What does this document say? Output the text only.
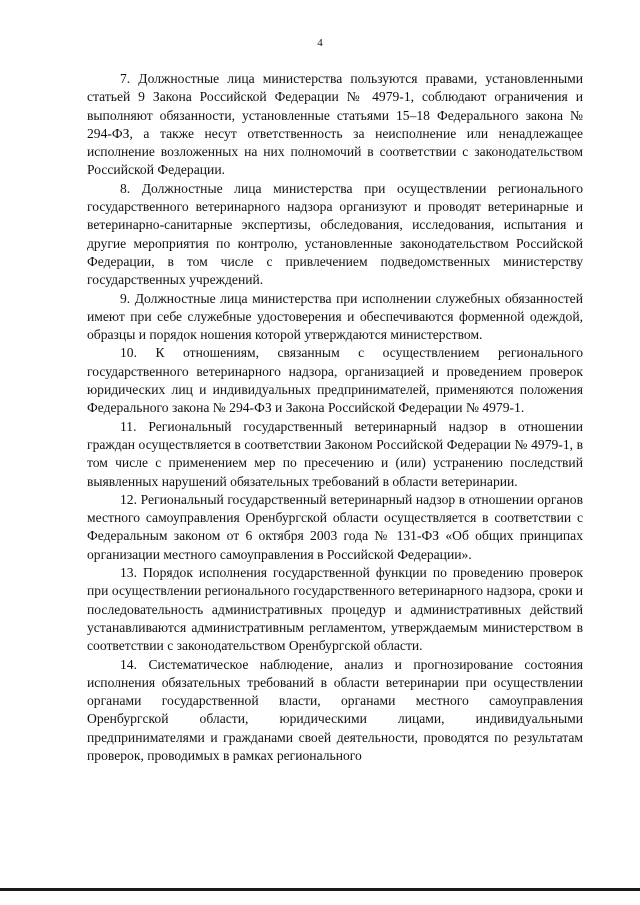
4

7. Должностные лица министерства пользуются правами, установленными статьей 9 Закона Российской Федерации № 4979-1, соблюдают ограничения и выполняют обязанности, установленные статьями 15–18 Федерального закона № 294-ФЗ, а также несут ответственность за неисполнение или ненадлежащее исполнение возложенных на них полномочий в соответствии с законодательством Российской Федерации.

8. Должностные лица министерства при осуществлении регионального государственного ветеринарного надзора организуют и проводят ветеринарные и ветеринарно-санитарные экспертизы, обследования, исследования, испытания и другие мероприятия по контролю, установленные законодательством Российской Федерации, в том числе с привлечением подведомственных министерству государственных учреждений.

9. Должностные лица министерства при исполнении служебных обязанностей имеют при себе служебные удостоверения и обеспечиваются форменной одеждой, образцы и порядок ношения которой утверждаются министерством.

10. К отношениям, связанным с осуществлением регионального государственного ветеринарного надзора, организацией и проведением проверок юридических лиц и индивидуальных предпринимателей, применяются положения Федерального закона № 294-ФЗ и Закона Российской Федерации № 4979-1.

11. Региональный государственный ветеринарный надзор в отношении граждан осуществляется в соответствии Законом Российской Федерации № 4979-1, в том числе с применением мер по пресечению и (или) устранению последствий выявленных нарушений обязательных требований в области ветеринарии.

12. Региональный государственный ветеринарный надзор в отношении органов местного самоуправления Оренбургской области осуществляется в соответствии с Федеральным законом от 6 октября 2003 года № 131-ФЗ «Об общих принципах организации местного самоуправления в Российской Федерации».

13. Порядок исполнения государственной функции по проведению проверок при осуществлении регионального государственного ветеринарного надзора, сроки и последовательность административных процедур и административных действий устанавливаются административным регламентом, утверждаемым министерством в соответствии с законодательством Оренбургской области.

14. Систематическое наблюдение, анализ и прогнозирование состояния исполнения обязательных требований в области ветеринарии при осуществлении органами государственной власти, органами местного самоуправления Оренбургской области, юридическими лицами, индивидуальными предпринимателями и гражданами своей деятельности, проводятся по результатам проверок, проводимых в рамках регионального
